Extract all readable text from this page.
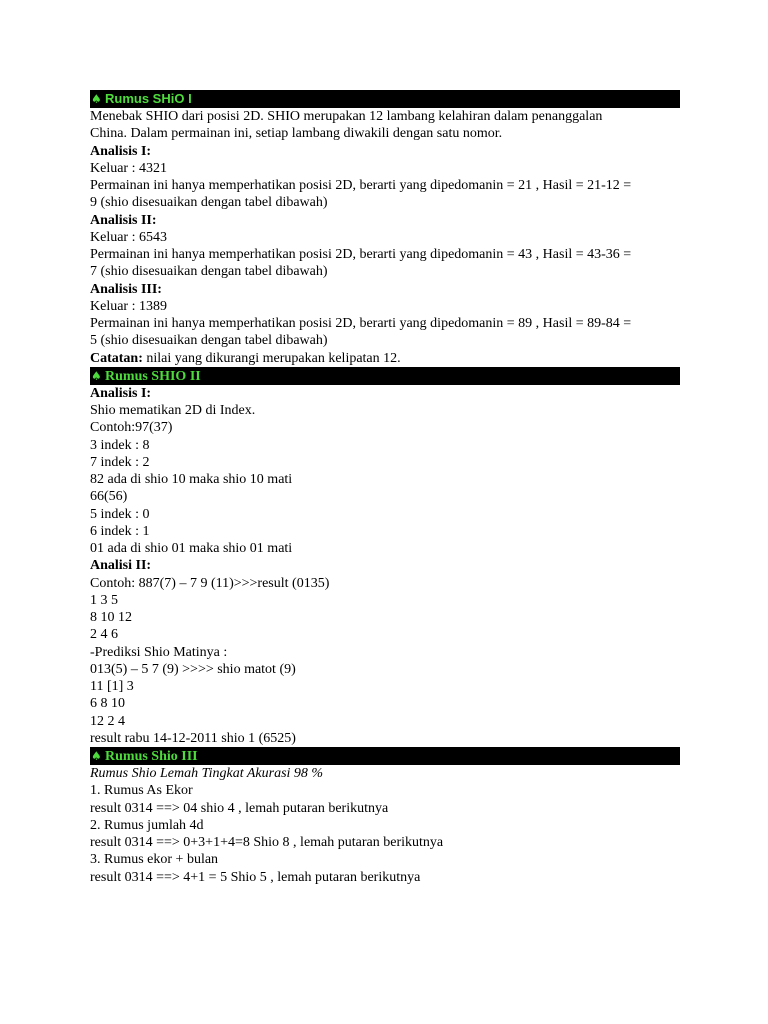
♠ Rumus SHiO I
Menebak SHIO dari posisi 2D. SHIO merupakan 12 lambang kelahiran dalam penanggalan
China. Dalam permainan ini, setiap lambang diwakili dengan satu nomor.
Analisis I:
Keluar : 4321
Permainan ini hanya memperhatikan posisi 2D, berarti yang dipedomanin = 21 , Hasil = 21-12 =
9 (shio disesuaikan dengan tabel dibawah)
Analisis II:
Keluar : 6543
Permainan ini hanya memperhatikan posisi 2D, berarti yang dipedomanin = 43 , Hasil = 43-36 =
7 (shio disesuaikan dengan tabel dibawah)
Analisis III:
Keluar : 1389
Permainan ini hanya memperhatikan posisi 2D, berarti yang dipedomanin = 89 , Hasil = 89-84 =
5 (shio disesuaikan dengan tabel dibawah)
Catatan: nilai yang dikurangi merupakan kelipatan 12.
♠ Rumus SHIO II
Analisis I:
Shio mematikan 2D di Index.
Contoh:97(37)
3 indek : 8
7 indek : 2
82 ada di shio 10 maka shio 10 mati
66(56)
5 indek : 0
6 indek : 1
01 ada di shio 01 maka shio 01 mati
Analisi II:
Contoh: 887(7) – 7 9 (11)>>>result (0135)
1 3 5
8 10 12
2 4 6
-Prediksi Shio Matinya :
013(5) – 5 7 (9) >>>> shio matot (9)
11 [1] 3
6 8 10
12 2 4
result rabu 14-12-2011 shio 1 (6525)
♠ Rumus Shio III
Rumus Shio Lemah Tingkat Akurasi 98 %
1. Rumus As Ekor
result 0314 ==> 04 shio 4 , lemah putaran berikutnya
2. Rumus jumlah 4d
result 0314 ==> 0+3+1+4=8 Shio 8 , lemah putaran berikutnya
3. Rumus ekor + bulan
result 0314 ==> 4+1 = 5 Shio 5 , lemah putaran berikutnya
